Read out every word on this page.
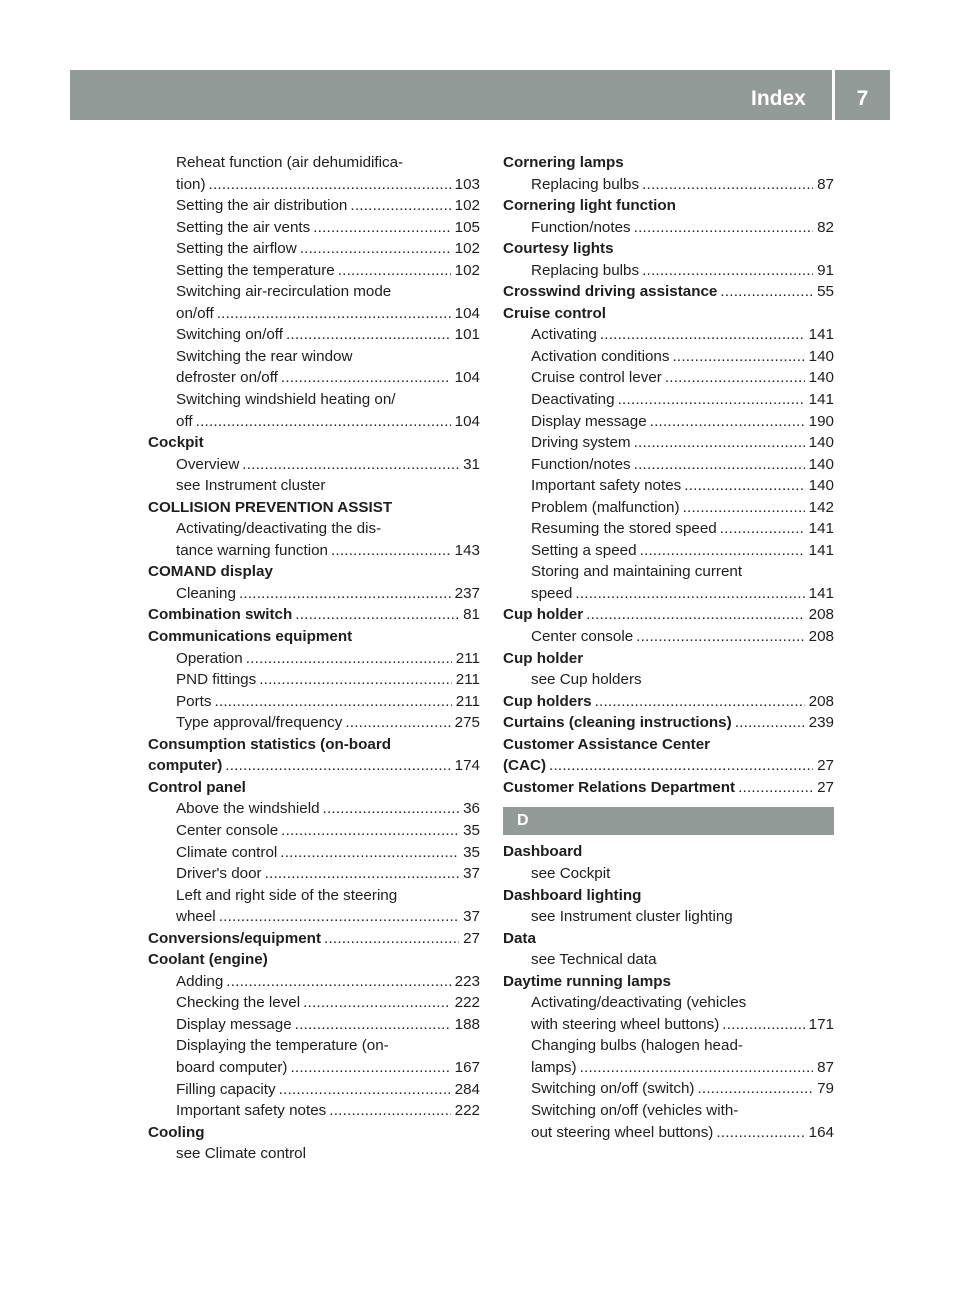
Index	7
Reheat function (air dehumidifica-
tion) . . .	103
Setting the air distribution . . .	102
Setting the air vents . . .	105
Setting the airflow . . .	102
Setting the temperature . . .	102
Switching air-recirculation mode
on/off . . .	104
Switching on/off . . .	101
Switching the rear window
defroster on/off . . .	104
Switching windshield heating on/
off . . .	104
Cockpit
Overview . . .	31
see Instrument cluster
COLLISION PREVENTION ASSIST
Activating/deactivating the dis-
tance warning function . . .	143
COMAND display
Cleaning . . .	237
Combination switch . . .	81
Communications equipment
Operation . . .	211
PND fittings . . .	211
Ports . . .	211
Type approval/frequency . . .	275
Consumption statistics (on-board
computer) . . .	174
Control panel
Above the windshield . . .	36
Center console . . .	35
Climate control . . .	35
Driver's door . . .	37
Left and right side of the steering
wheel . . .	37
Conversions/equipment . . .	27
Coolant (engine)
Adding . . .	223
Checking the level . . .	222
Display message . . .	188
Displaying the temperature (on-
board computer) . . .	167
Filling capacity . . .	284
Important safety notes . . .	222
Cooling
see Climate control
Cornering lamps
Replacing bulbs . . .	87
Cornering light function
Function/notes . . .	82
Courtesy lights
Replacing bulbs . . .	91
Crosswind driving assistance . . .	55
Cruise control
Activating . . .	141
Activation conditions . . .	140
Cruise control lever . . .	140
Deactivating . . .	141
Display message . . .	190
Driving system . . .	140
Function/notes . . .	140
Important safety notes . . .	140
Problem (malfunction) . . .	142
Resuming the stored speed . . .	141
Setting a speed . . .	141
Storing and maintaining current
speed . . .	141
Cup holder . . .	208
Center console . . .	208
Cup holder
see Cup holders
Cup holders . . .	208
Curtains (cleaning instructions) . . .	239
Customer Assistance Center
(CAC) . . .	27
Customer Relations Department . . .	27
D
Dashboard
see Cockpit
Dashboard lighting
see Instrument cluster lighting
Data
see Technical data
Daytime running lamps
Activating/deactivating (vehicles
with steering wheel buttons) . . .	171
Changing bulbs (halogen head-
lamps) . . .	87
Switching on/off (switch) . . .	79
Switching on/off (vehicles with-
out steering wheel buttons) . . .	164
